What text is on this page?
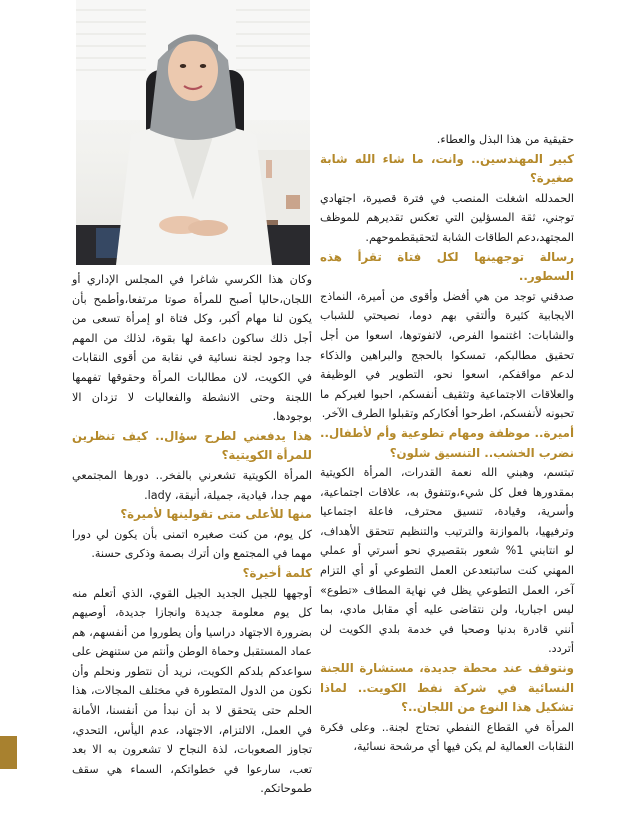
حقيقية من هذا البذل والعطاء.

كبير المهندسين.. وانت، ما شاء الله شابة صغيرة؟

الحمدلله اشغلت المنصب في فترة قصيرة، اجتهادي توجني، ثقة المسؤلين التي تعكس تقديرهم للموظف المجتهد،دعم الطاقات الشابة لتحقيقطموحهم.

رسالة توجهينها لكل فتاة تقرأ هذه السطور..

صدقني توجد من هي أفضل وأقوى من أميرة، النماذج الايجابية كثيرة وألتقي بهم دوما، نصيحتي للشباب والشابات: اغتنموا الفرص، لاتفوتوها، اسعوا من أجل تحقيق مطالبكم، تمسكوا بالحجج والبراهين والذكاء لدعم مواقفكم، اسعوا نحو، التطوير في الوظيفة والعلاقات الاجتماعية وتثقيف أنفسكم، احبوا لغيركم ما تحبونه لأنفسكم، اطرحوا أفكاركم وتقبلوا الطرف الآخر.

أميرة.. موظفة ومهام تطوعية وأم لأطفال.. نضرب الخشب.. التنسيق شلون؟

تبتسم، وهبني الله نعمة القدرات، المرأة الكويتية بمقدورها فعل كل شيء،وتتفوق به، علاقات اجتماعية، وأسرية، وقيادة، تنسيق محترف، فاعلة اجتماعيا وترفيهيا، بالموازنة والترتيب والتنظيم تتحقق الأهداف، لو انتابني 1% شعور بتقصيري نحو أسرتي أو عملي المهني كنت ساتبتعدعن العمل التطوعي أو أي التزام آخر، العمل التطوعي يظل في نهاية المطاف «تطوع» ليس اجباريا، ولن نتقاضى عليه أي مقابل مادي، بما أنني قادرة بدنيا وصحيا في خدمة بلدي الكويت لن أتردد.

ونتوقف عند محطة جديدة، مستشارة اللجنة النسائية في شركة نفط الكويت.. لماذا تشكيل هذا النوع من اللجان..؟

المرأة في القطاع النفطي تحتاج لجنة.. وعلى فكرة النقابات العمالية لم يكن فيها أي مرشحة نسائية،

وكان هذا الكرسي شاغرا في المجلس الإداري أو اللجان،حاليا أصبح للمرأة صوتا مرتفعا،وأطمح بأن يكون لنا مهام أكبر، وكل فتاة او إمرأة تسعى من أجل ذلك ساكون داعمة لها بقوة، لذلك من المهم جدا وجود لجنة نسائية في نقابة من أقوى النقابات في الكويت، لان مطالبات المرأة وحقوقها تفهمها اللجنة وحتى الانشطة والفعاليات لا تزدان الا بوجودها.

هذا يدفعني لطرح سؤال.. كيف تنظرين للمرأة الكويتية؟

المرأة الكويتية تشعرني بالفخر.. دورها المجتمعي مهم جدا، قيادية، جميلة، أنيقة، lady.

منها للأعلى متى تقولينها لأميرة؟

كل يوم، من كنت صغيره اتمنى بأن يكون لي دورا مهما في المجتمع وان أترك بصمة وذكرى حسنة.

كلمة أخيرة؟

أوجهها للجيل الجديد الجيل القوي، الذي أتعلم منه كل يوم معلومة جديدة وانجازا جديدة، أوصيهم بضرورة الاجتهاد دراسيا وأن يطوروا من أنفسهم، هم عماد المستقبل وحماة الوطن وأنتم من ستنهض على سواعدكم بلدكم الكويت، نريد أن نتطور ونحلم وأن نكون من الدول المتطورة في مختلف المجالات، هذا الحلم حتى يتحقق لا بد أن نبدأ من أنفسنا، الأمانة في العمل، الالتزام، الاجتهاد، عدم اليأس، التحدي، تجاوز الصعوبات، لذة النجاح لا تشعرون به الا بعد تعب، سارعوا في خطواتكم، السماء هي سقف طموحاتكم.
